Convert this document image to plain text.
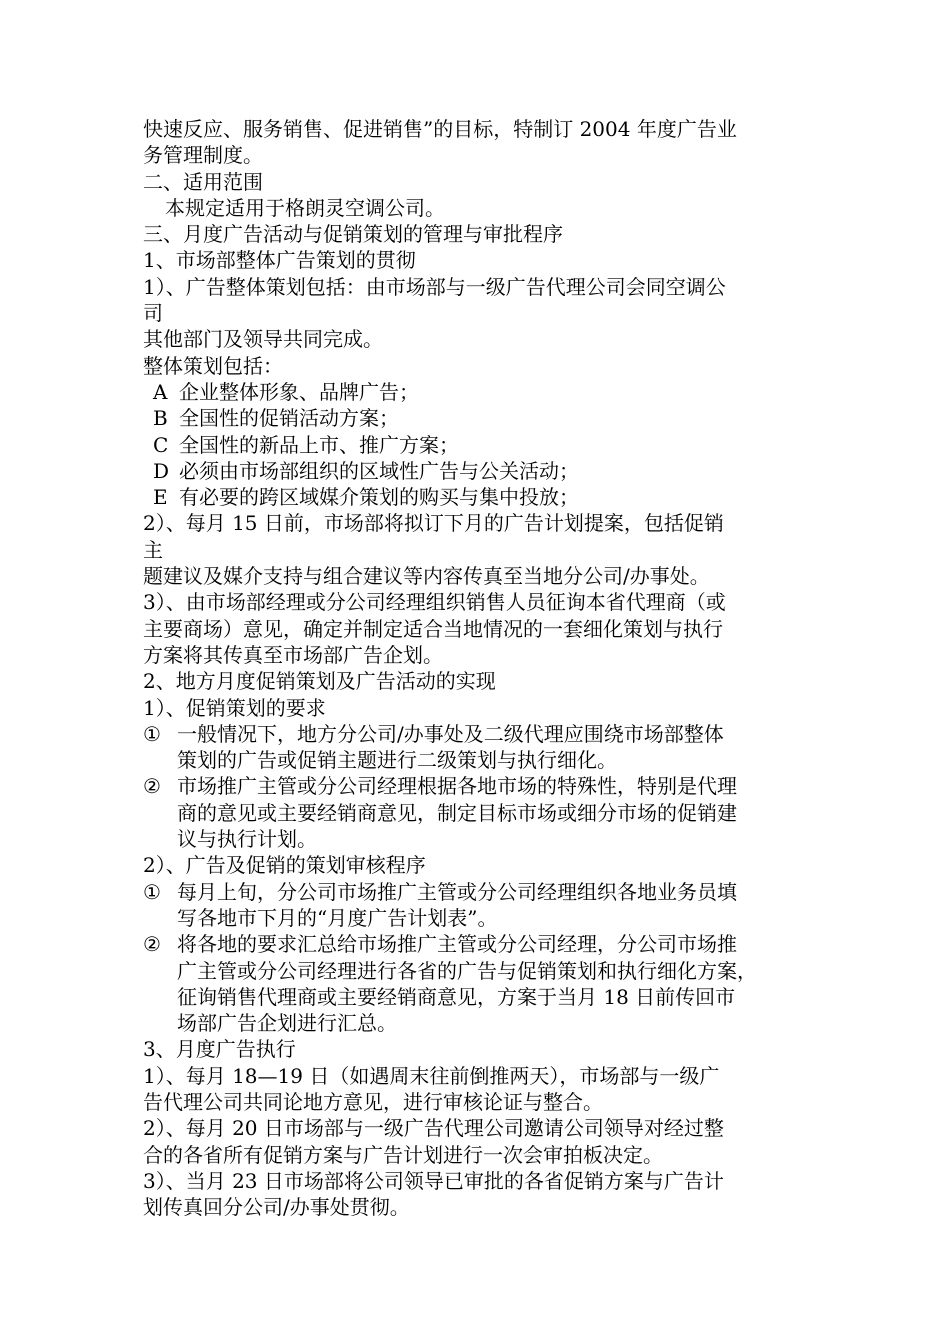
快速反应、服务销售、促进销售”的目标，特制订 2004 年度广告业
务管理制度。
二、适用范围
本规定适用于格朗灵空调公司。
三、月度广告活动与促销策划的管理与审批程序
1、市场部整体广告策划的贯彻
1）、广告整体策划包括：由市场部与一级广告代理公司会同空调公
司
其他部门及领导共同完成。
整体策划包括：
A 企业整体形象、品牌广告；
B 全国性的促销活动方案；
C 全国性的新品上市、推广方案；
D 必须由市场部组织的区域性广告与公关活动；
E 有必要的跨区域媒介策划的购买与集中投放；
2）、每月 15 日前，市场部将拟订下月的广告计划提案，包括促销
主
题建议及媒介支持与组合建议等内容传真至当地分公司/办事处。
3）、由市场部经理或分公司经理组织销售人员征询本省代理商（或
主要商场）意见，确定并制定适合当地情况的一套细化策划与执行
方案将其传真至市场部广告企划。
2、地方月度促销策划及广告活动的实现
1）、促销策划的要求
① 一般情况下，地方分公司/办事处及二级代理应围绕市场部整体
策划的广告或促销主题进行二级策划与执行细化。
② 市场推广主管或分公司经理根据各地市场的特殊性，特别是代理
商的意见或主要经销商意见，制定目标市场或细分市场的促销建
议与执行计划。
2）、广告及促销的策划审核程序
① 每月上旬，分公司市场推广主管或分公司经理组织各地业务员填
写各地市下月的“月度广告计划表”。
② 将各地的要求汇总给市场推广主管或分公司经理，分公司市场推
广主管或分公司经理进行各省的广告与促销策划和执行细化方案，
征询销售代理商或主要经销商意见，方案于当月 18 日前传回市
场部广告企划进行汇总。
3、月度广告执行
1）、每月 18—19 日（如遇周末往前倒推两天），市场部与一级广
告代理公司共同论地方意见，进行审核论证与整合。
2）、每月 20 日市场部与一级广告代理公司邀请公司领导对经过整
合的各省所有促销方案与广告计划进行一次会审拍板决定。
3）、当月 23 日市场部将公司领导已审批的各省促销方案与广告计
划传真回分公司/办事处贯彻。
